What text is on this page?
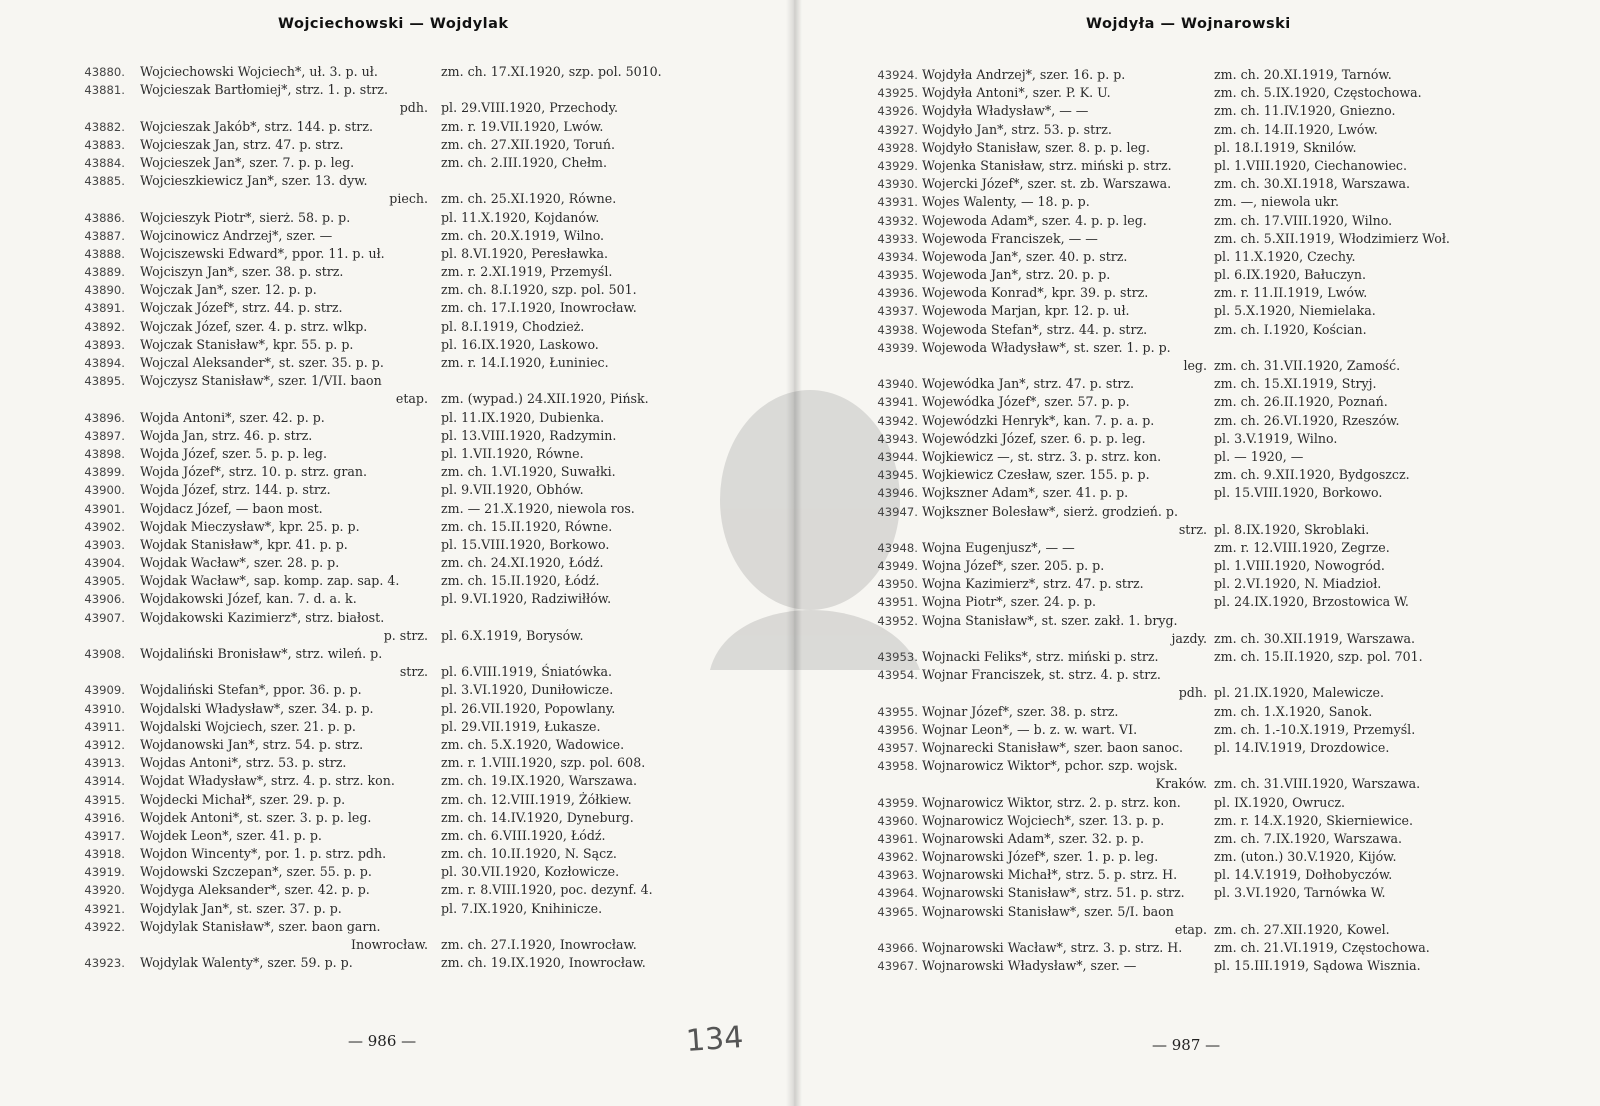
Wojciechowski — Wojdylak
43880. Wojciechowski Wojciech*, uł. 3. p. uł.	zm. ch. 17.XI.1920, szp. pol. 5010.
43881. Wojcieszak Bartłomiej*, strz. 1. p. strz.
pdh. pl. 29.VIII.1920, Przechody.
43882. Wojcieszak Jakób*, strz. 144. p. strz.	zm. r. 19.VII.1920, Lwów.
43883. Wojcieszak Jan, strz. 47. p. strz.	zm. ch. 27.XII.1920, Toruń.
43884. Wojcieszek Jan*, szer. 7. p. p. leg.	zm. ch. 2.III.1920, Chełm.
43885. Wojcieszkiewicz Jan*, szer. 13. dyw.
piech. zm. ch. 25.XI.1920, Równe.
43886. Wojcieszyk Piotr*, sierż. 58. p. p.	pl. 11.X.1920, Kojdanów.
43887. Wojcinowicz Andrzej*, szer. —	zm. ch. 20.X.1919, Wilno.
43888. Wojciszewski Edward*, ppor. 11. p. uł.	pl. 8.VI.1920, Peresławka.
43889. Wojciszyn Jan*, szer. 38. p. strz.	zm. r. 2.XI.1919, Przemyśl.
43890. Wojczak Jan*, szer. 12. p. p.	zm. ch. 8.I.1920, szp. pol. 501.
43891. Wojczak Józef*, strz. 44. p. strz.	zm. ch. 17.I.1920, Inowrocław.
43892. Wojczak Józef, szer. 4. p. strz. wlkp.	pl. 8.I.1919, Chodzież.
43893. Wojczak Stanisław*, kpr. 55. p. p.	pl. 16.IX.1920, Laskowo.
43894. Wojczal Aleksander*, st. szer. 35. p. p.	zm. r. 14.I.1920, Łuniniec.
43895. Wojczysz Stanisław*, szer. 1/VII. baon
etap. zm. (wypad.) 24.XII.1920, Pińsk.
43896. Wojda Antoni*, szer. 42. p. p.	pl. 11.IX.1920, Dubienka.
43897. Wojda Jan, strz. 46. p. strz.	pl. 13.VIII.1920, Radzymin.
43898. Wojda Józef, szer. 5. p. p. leg.	pl. 1.VII.1920, Równe.
43899. Wojda Józef*, strz. 10. p. strz. gran.	zm. ch. 1.VI.1920, Suwałki.
43900. Wojda Józef, strz. 144. p. strz.	pl. 9.VII.1920, Obhów.
43901. Wojdacz Józef, — baon most.	zm. — 21.X.1920, niewola ros.
43902. Wojdak Mieczysław*, kpr. 25. p. p.	zm. ch. 15.II.1920, Równe.
43903. Wojdak Stanisław*, kpr. 41. p. p.	pl. 15.VIII.1920, Borkowo.
43904. Wojdak Wacław*, szer. 28. p. p.	zm. ch. 24.XI.1920, Łódź.
43905. Wojdak Wacław*, sap. komp. zap. sap. 4.	zm. ch. 15.II.1920, Łódź.
43906. Wojdakowski Józef, kan. 7. d. a. k.	pl. 9.VI.1920, Radziwiłłów.
43907. Wojdakowski Kazimierz*, strz. białost.
p. strz. pl. 6.X.1919, Borysów.
43908. Wojdaliński Bronisław*, strz. wileń. p.
strz. pl. 6.VIII.1919, Śniatówka.
43909. Wojdaliński Stefan*, ppor. 36. p. p.	pl. 3.VI.1920, Duniłowicze.
43910. Wojdalski Władysław*, szer. 34. p. p.	pl. 26.VII.1920, Popowlany.
43911. Wojdalski Wojciech, szer. 21. p. p.	pl. 29.VII.1919, Łukasze.
43912. Wojdanowski Jan*, strz. 54. p. strz.	zm. ch. 5.X.1920, Wadowice.
43913. Wojdas Antoni*, strz. 53. p. strz.	zm. r. 1.VIII.1920, szp. pol. 608.
43914. Wojdat Władysław*, strz. 4. p. strz. kon.	zm. ch. 19.IX.1920, Warszawa.
43915. Wojdecki Michał*, szer. 29. p. p.	zm. ch. 12.VIII.1919, Żółkiew.
43916. Wojdek Antoni*, st. szer. 3. p. p. leg.	zm. ch. 14.IV.1920, Dyneburg.
43917. Wojdek Leon*, szer. 41. p. p.	zm. ch. 6.VIII.1920, Łódź.
43918. Wojdon Wincenty*, por. 1. p. strz. pdh.	zm. ch. 10.II.1920, N. Sącz.
43919. Wojdowski Szczepan*, szer. 55. p. p.	pl. 30.VII.1920, Kozłowicze.
43920. Wojdyga Aleksander*, szer. 42. p. p.	zm. r. 8.VIII.1920, poc. dezynf. 4.
43921. Wojdylak Jan*, st. szer. 37. p. p.	pl. 7.IX.1920, Knihinicze.
43922. Wojdylak Stanisław*, szer. baon garn.
Inowrocław. zm. ch. 27.I.1920, Inowrocław.
43923. Wojdylak Walenty*, szer. 59. p. p.	zm. ch. 19.IX.1920, Inowrocław.
— 986 —
Wojdyła — Wojnarowski
43924. Wojdyła Andrzej*, szer. 16. p. p.	zm. ch. 20.XI.1919, Tarnów.
43925. Wojdyła Antoni*, szer. P. K. U.	zm. ch. 5.IX.1920, Częstochowa.
43926. Wojdyła Władysław*, — —	zm. ch. 11.IV.1920, Gniezno.
43927. Wojdyło Jan*, strz. 53. p. strz.	zm. ch. 14.II.1920, Lwów.
43928. Wojdyło Stanisław, szer. 8. p. p. leg.	pl. 18.I.1919, Sknilów.
43929. Wojenka Stanisław, strz. miński p. strz.	pl. 1.VIII.1920, Ciechanowiec.
43930. Wojercki Józef*, szer. st. zb. Warszawa.	zm. ch. 30.XI.1918, Warszawa.
43931. Wojes Walenty, — 18. p. p.	zm. —, niewola ukr.
43932. Wojewoda Adam*, szer. 4. p. p. leg.	zm. ch. 17.VIII.1920, Wilno.
43933. Wojewoda Franciszek, — —	zm. ch. 5.XII.1919, Włodzimierz Woł.
43934. Wojewoda Jan*, szer. 40. p. strz.	pl. 11.X.1920, Czechy.
43935. Wojewoda Jan*, strz. 20. p. p.	pl. 6.IX.1920, Bałuczyn.
43936. Wojewoda Konrad*, kpr. 39. p. strz.	zm. r. 11.II.1919, Lwów.
43937. Wojewoda Marjan, kpr. 12. p. uł.	pl. 5.X.1920, Niemielaka.
43938. Wojewoda Stefan*, strz. 44. p. strz.	zm. ch. I.1920, Kościan.
43939. Wojewoda Władysław*, st. szer. 1. p. p.
leg. zm. ch. 31.VII.1920, Zamość.
43940. Wojewódka Jan*, strz. 47. p. strz.	zm. ch. 15.XI.1919, Stryj.
43941. Wojewódka Józef*, szer. 57. p. p.	zm. ch. 26.II.1920, Poznań.
43942. Wojewódzki Henryk*, kan. 7. p. a. p.	zm. ch. 26.VI.1920, Rzeszów.
43943. Wojewódzki Józef, szer. 6. p. p. leg.	pl. 3.V.1919, Wilno.
43944. Wojkiewicz —, st. strz. 3. p. strz. kon.	pl. — 1920, —
43945. Wojkiewicz Czesław, szer. 155. p. p.	zm. ch. 9.XII.1920, Bydgoszcz.
43946. Wojkszner Adam*, szer. 41. p. p.	pl. 15.VIII.1920, Borkowo.
43947. Wojkszner Bolesław*, sierż. grodzień. p.
strz. pl. 8.IX.1920, Skroblaki.
43948. Wojna Eugenjusz*, — —	zm. r. 12.VIII.1920, Zegrze.
43949. Wojna Józef*, szer. 205. p. p.	pl. 1.VIII.1920, Nowogród.
43950. Wojna Kazimierz*, strz. 47. p. strz.	pl. 2.VI.1920, N. Miadzioł.
43951. Wojna Piotr*, szer. 24. p. p.	pl. 24.IX.1920, Brzostowica W.
43952. Wojna Stanisław*, st. szer. zakł. 1. bryg.
jazdy. zm. ch. 30.XII.1919, Warszawa.
43953. Wojnacki Feliks*, strz. miński p. strz.	zm. ch. 15.II.1920, szp. pol. 701.
43954. Wojnar Franciszek, st. strz. 4. p. strz.
pdh. pl. 21.IX.1920, Malewicze.
43955. Wojnar Józef*, szer. 38. p. strz.	zm. ch. 1.X.1920, Sanok.
43956. Wojnar Leon*, — b. z. w. wart. VI.	zm. ch. 1.-10.X.1919, Przemyśl.
43957. Wojnarecki Stanisław*, szer. baon sanoc. pl. 14.IV.1919, Drozdowice.
43958. Wojnarowicz Wiktor*, pchor. szp. wojsk.
Kraków. zm. ch. 31.VIII.1920, Warszawa.
43959. Wojnarowicz Wiktor, strz. 2. p. strz. kon.	pl. IX.1920, Owrucz.
43960. Wojnarowicz Wojciech*, szer. 13. p. p.	zm. r. 14.X.1920, Skierniewice.
43961. Wojnarowski Adam*, szer. 32. p. p.	zm. ch. 7.IX.1920, Warszawa.
43962. Wojnarowski Józef*, szer. 1. p. p. leg.	zm. (uton.) 30.V.1920, Kijów.
43963. Wojnarowski Michał*, strz. 5. p. strz. H.	pl. 14.V.1919, Dołhobyczów.
43964. Wojnarowski Stanisław*, strz. 51. p. strz. pl. 3.VI.1920, Tarnówka W.
43965. Wojnarowski Stanisław*, szer. 5/I. baon
etap. zm. ch. 27.XII.1920, Kowel.
43966. Wojnarowski Wacław*, strz. 3. p. strz. H.	zm. ch. 21.VI.1919, Częstochowa.
43967. Wojnarowski Władysław*, szer. —	pl. 15.III.1919, Sądowa Wisznia.
— 987 —
134
